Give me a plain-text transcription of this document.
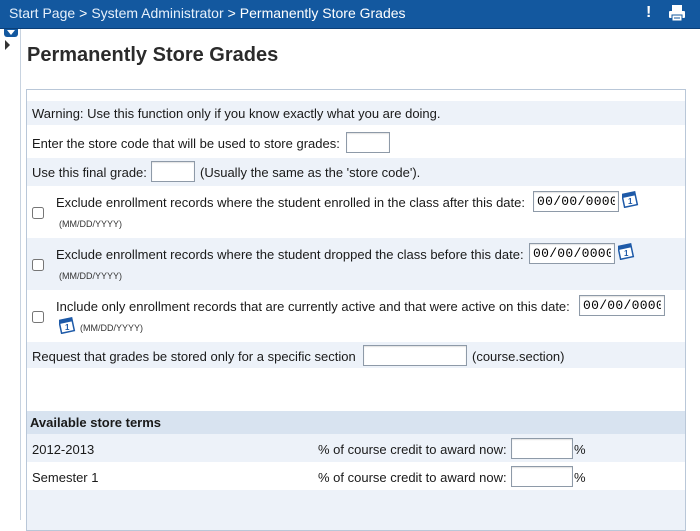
Start Page > System Administrator > Permanently Store Grades	!
Permanently Store Grades
Warning: Use this function only if you know exactly what you are doing.
Enter the store code that will be used to store grades:
Use this final grade:	(Usually the same as the 'store code').
Exclude enrollment records where the student enrolled in the class after this date:
00/00/0000	1
(MM/DD/YYYY)
Exclude enrollment records where the student dropped the class before this date:
00/00/0000	1
(MM/DD/YYYY)
Include only enrollment records that are currently active and that were active on this date:
00/00/0000
1 (MM/DD/YYYY)
Request that grades be stored only for a specific section	(course.section)
Available store terms
2012-2013	% of course credit to award now:	%
Semester 1	% of course credit to award now:	%
